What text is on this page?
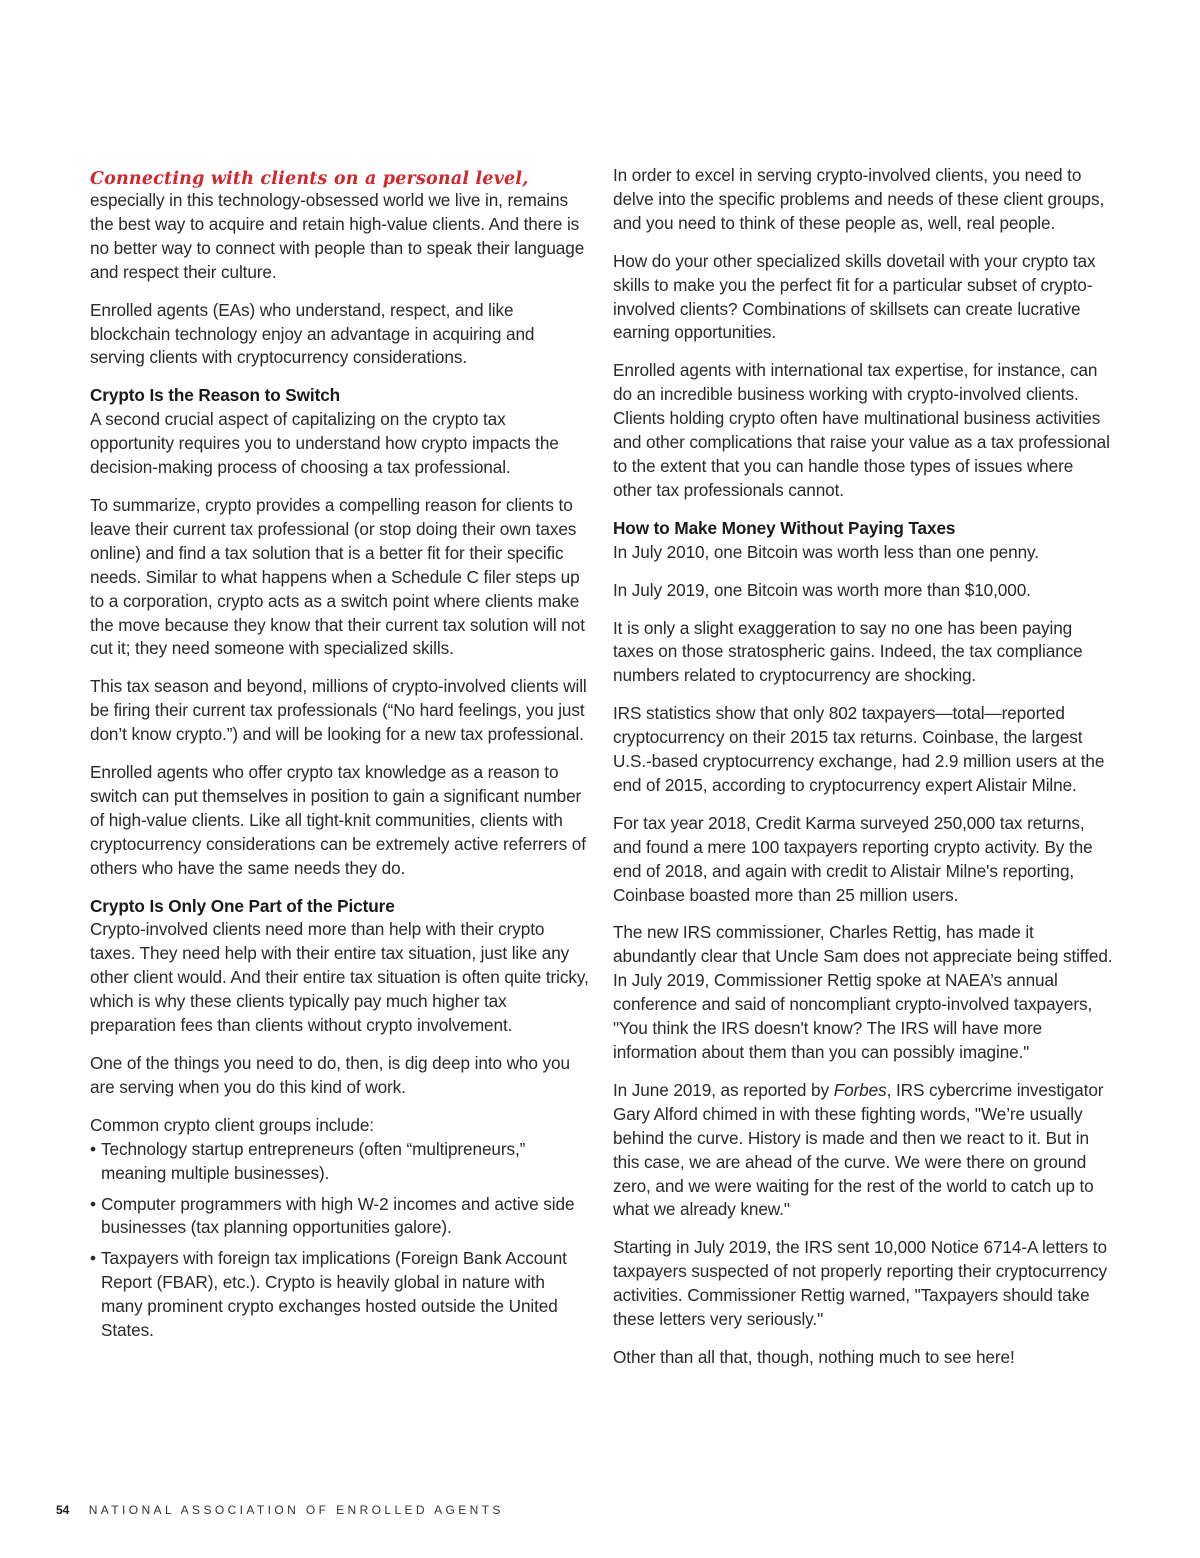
Connecting with clients on a personal level,
especially in this technology-obsessed world we live in, remains the best way to acquire and retain high-value clients. And there is no better way to connect with people than to speak their language and respect their culture.

Enrolled agents (EAs) who understand, respect, and like blockchain technology enjoy an advantage in acquiring and serving clients with cryptocurrency considerations.

Crypto Is the Reason to Switch
A second crucial aspect of capitalizing on the crypto tax opportunity requires you to understand how crypto impacts the decision-making process of choosing a tax professional.

To summarize, crypto provides a compelling reason for clients to leave their current tax professional (or stop doing their own taxes online) and find a tax solution that is a better fit for their specific needs. Similar to what happens when a Schedule C filer steps up to a corporation, crypto acts as a switch point where clients make the move because they know that their current tax solution will not cut it; they need someone with specialized skills.

This tax season and beyond, millions of crypto-involved clients will be firing their current tax professionals (“No hard feelings, you just don’t know crypto.”) and will be looking for a new tax professional.

Enrolled agents who offer crypto tax knowledge as a reason to switch can put themselves in position to gain a significant number of high-value clients. Like all tight-knit communities, clients with cryptocurrency considerations can be extremely active referrers of others who have the same needs they do.

Crypto Is Only One Part of the Picture
Crypto-involved clients need more than help with their crypto taxes. They need help with their entire tax situation, just like any other client would. And their entire tax situation is often quite tricky, which is why these clients typically pay much higher tax preparation fees than clients without crypto involvement.

One of the things you need to do, then, is dig deep into who you are serving when you do this kind of work.

Common crypto client groups include:

• Technology startup entrepreneurs (often “multipreneurs,” meaning multiple businesses).
• Computer programmers with high W-2 incomes and active side businesses (tax planning opportunities galore).
• Taxpayers with foreign tax implications (Foreign Bank Account Report (FBAR), etc.). Crypto is heavily global in nature with many prominent crypto exchanges hosted outside the United States.

In order to excel in serving crypto-involved clients, you need to delve into the specific problems and needs of these client groups, and you need to think of these people as, well, real people.

How do your other specialized skills dovetail with your crypto tax skills to make you the perfect fit for a particular subset of crypto-involved clients? Combinations of skillsets can create lucrative earning opportunities.

Enrolled agents with international tax expertise, for instance, can do an incredible business working with crypto-involved clients. Clients holding crypto often have multinational business activities and other complications that raise your value as a tax professional to the extent that you can handle those types of issues where other tax professionals cannot.

How to Make Money Without Paying Taxes
In July 2010, one Bitcoin was worth less than one penny.

In July 2019, one Bitcoin was worth more than $10,000.

It is only a slight exaggeration to say no one has been paying taxes on those stratospheric gains. Indeed, the tax compliance numbers related to cryptocurrency are shocking.

IRS statistics show that only 802 taxpayers—total—reported cryptocurrency on their 2015 tax returns. Coinbase, the largest U.S.-based cryptocurrency exchange, had 2.9 million users at the end of 2015, according to cryptocurrency expert Alistair Milne.

For tax year 2018, Credit Karma surveyed 250,000 tax returns, and found a mere 100 taxpayers reporting crypto activity. By the end of 2018, and again with credit to Alistair Milne's reporting, Coinbase boasted more than 25 million users.

The new IRS commissioner, Charles Rettig, has made it abundantly clear that Uncle Sam does not appreciate being stiffed. In July 2019, Commissioner Rettig spoke at NAEA’s annual conference and said of noncompliant crypto-involved taxpayers, "You think the IRS doesn't know? The IRS will have more information about them than you can possibly imagine."

In June 2019, as reported by Forbes, IRS cybercrime investigator Gary Alford chimed in with these fighting words, "We’re usually behind the curve. History is made and then we react to it. But in this case, we are ahead of the curve. We were there on ground zero, and we were waiting for the rest of the world to catch up to what we already knew."

Starting in July 2019, the IRS sent 10,000 Notice 6714-A letters to taxpayers suspected of not properly reporting their cryptocurrency activities. Commissioner Rettig warned, "Taxpayers should take these letters very seriously."

Other than all that, though, nothing much to see here!

54 NATIONAL ASSOCIATION OF ENROLLED AGENTS
